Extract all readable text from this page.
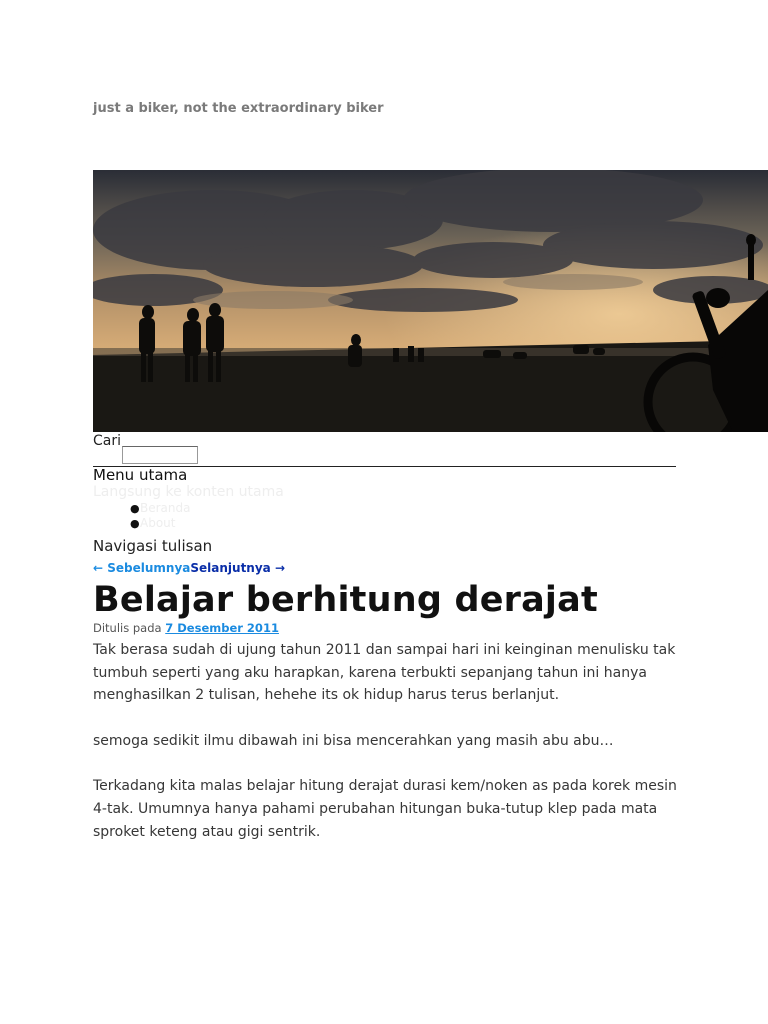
just a biker, not the extraordinary biker

Cari
Menu utama
Langsung ke konten utama
● Beranda
● About
Navigasi tulisan
← SebelumnyaSelanjutnya →
Belajar berhitung derajat
Ditulis pada 7 Desember 2011

Tak berasa sudah di ujung tahun 2011 dan sampai hari ini keinginan menulisku tak tumbuh seperti yang aku harapkan, karena terbukti sepanjang tahun ini hanya menghasilkan 2 tulisan, hehehe its ok hidup harus terus berlanjut.

semoga sedikit ilmu dibawah ini bisa mencerahkan yang masih abu abu…

Terkadang kita malas belajar hitung derajat durasi kem/noken as pada korek mesin 4-tak. Umumnya hanya pahami perubahan hitungan buka-tutup klep pada mata sproket keteng atau gigi sentrik.
